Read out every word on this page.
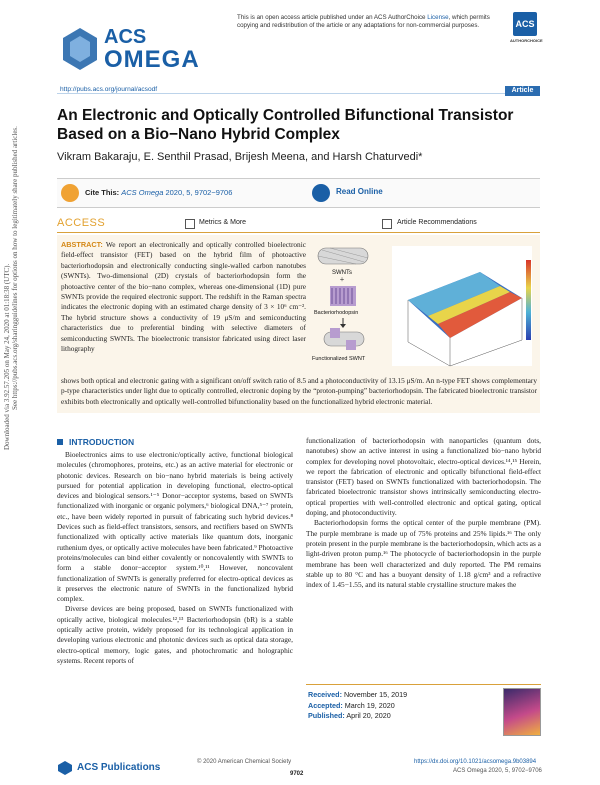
Downloaded via 3.92.57.205 on May 24, 2020 at 01:18:38 (UTC). See https://pubs.acs.org/sharingguidelines for options on how to legitimately share published articles.
ACS
OMEGA
This is an open access article published under an ACS AuthorChoice License, which permits
copying and redistribution of the article or any adaptations for non-commercial purposes.	ACS
AUTHORCHOICE
http://pubs.acs.org/journal/acsodf	Article
An Electronic and Optically Controlled Bifunctional Transistor Based on a Bio−Nano Hybrid Complex
Vikram Bakaraju, E. Senthil Prasad, Brijesh Meena, and Harsh Chaturvedi*
Cite This: ACS Omega 2020, 5, 9702−9706	Read Online
ACCESS	Metrics & More	Article Recommendations
ABSTRACT: We report an electronically and optically controlled bioelectronic field-effect transistor (FET) based on the hybrid film of photoactive bacteriorhodopsin and electronically conducting single-walled carbon nanotubes (SWNTs). Two-dimensional (2D) crystals of bacteriorhodopsin form the photoactive center of the bio−nano complex, whereas one-dimensional (1D) pure SWNTs provide the required electronic support. The redshift in the Raman spectra indicates the electronic doping with an estimated charge density of 3 × 10⁶ cm⁻². The hybrid structure shows a conductivity of 19 μS/m and semiconducting characteristics due to preferential binding with selective diameters of semiconducting SWNTs. The bioelectronic transistor fabricated using direct laser lithography
shows both optical and electronic gating with a significant on/off switch ratio of 8.5 and a photoconductivity of 13.15 μS/m. An n-type FET shows complementary p-type characteristics under light due to optically controlled, electronic doping by the “proton-pumping” bacteriorhodopsin. The fabricated bioelectronic transistor exhibits both electronically and optically well-controlled bifunctionality based on the functionalized hybrid electronic material.
SWNTs
+
Bacteriorhodopsin
Functionalized SWNT
INTRODUCTION
Bioelectronics aims to use electronic/optically active, functional biological molecules (chromophores, proteins, etc.) as an active material for electronic or photonic devices. Research on bio−nano hybrid materials is being actively pursued for potential application in developing functional, electro-optical devices and biological sensors.¹⁻⁵ Donor−acceptor systems, based on SWNTs functionalized with inorganic or organic polymers,⁶ biological DNA,⁵⁻⁷ protein, etc., have been widely reported in pursuit of fabricating such hybrid devices.⁸ Devices such as field-effect transistors, sensors, and rectifiers based on SWNTs functionalized with optically active materials like quantum dots, inorganic ruthenium dyes, or optically active molecules have been fabricated.⁹ Photoactive proteins/molecules can bind either covalently or noncovalently with SWNTs to form a stable donor−acceptor system.¹⁰,¹¹ However, noncovalent functionalization of SWNTs is generally preferred for electro-optical devices as it preserves the electronic nature of SWNTs in the functionalized hybrid complex.
Diverse devices are being proposed, based on SWNTs functionalized with optically active, biological molecules.¹²,¹³ Bacteriorhodopsin (bR) is a stable optically active protein, widely proposed for its technological application in developing various electronic and photonic devices such as optical data storage, electro-optical memory, logic gates, and photochromatic and holographic systems. Recent reports of
functionalization of bacteriorhodopsin with nanoparticles (quantum dots, nanotubes) show an active interest in using a functionalized bio−nano hybrid complex for developing novel photovoltaic, electro-optical devices.¹⁴,¹⁵ Herein, we report the fabrication of electronic and optically bifunctional field-effect transistor (FET) based on SWNTs functionalized with bacteriorhodopsin. The fabricated bioelectronic transistor shows intrinsically semiconducting electro-optical properties with well-controlled electronic and optical gating, optical doping, and photoconductivity.
Bacteriorhodopsin forms the optical center of the purple membrane (PM). The purple membrane is made up of 75% proteins and 25% lipids.¹⁶ The only protein present in the purple membrane is the bacteriorhodopsin, which acts as a light-driven proton pump.¹⁶ The photocycle of bacteriorhodopsin in the purple membrane has been well characterized and duly reported. The PM remains stable up to 80 °C and has a buoyant density of 1.18 g/cm³ and a refractive index of 1.45−1.55, and its natural stable crystalline structure makes the
Received: November 15, 2019
Accepted: March 19, 2020
Published: April 20, 2020
ACS Publications	© 2020 American Chemical Society
9702
https://dx.doi.org/10.1021/acsomega.9b03894
ACS Omega 2020, 5, 9702−9706
